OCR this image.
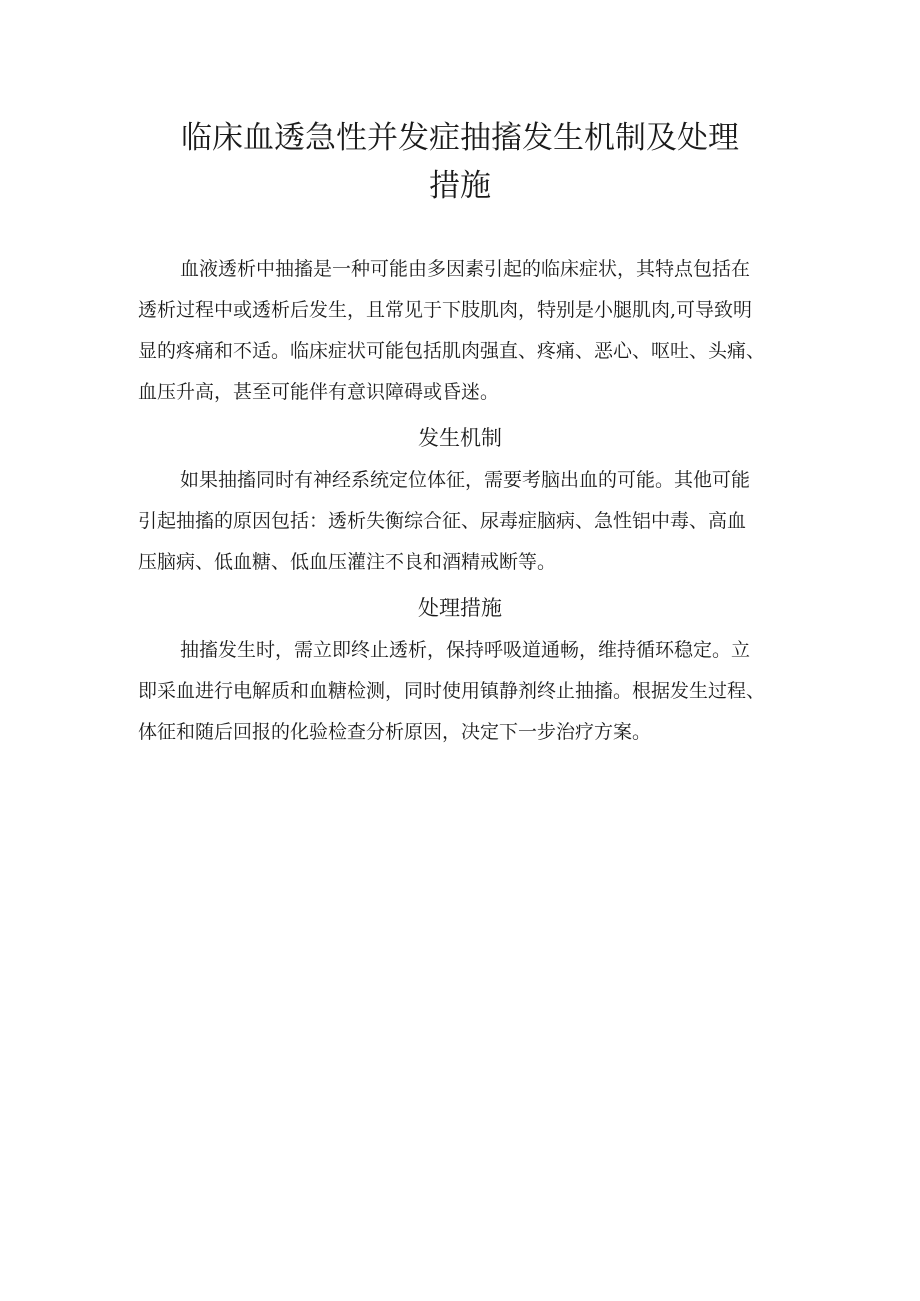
临床血透急性并发症抽搐发生机制及处理
措施

血液透析中抽搐是一种可能由多因素引起的临床症状，其特点包括在
透析过程中或透析后发生，且常见于下肢肌肉，特别是小腿肌肉,可导致明
显的疼痛和不适。临床症状可能包括肌肉强直、疼痛、恶心、呕吐、头痛、
血压升高，甚至可能伴有意识障碍或昏迷。

发生机制

如果抽搐同时有神经系统定位体征，需要考脑出血的可能。其他可能
引起抽搐的原因包括：透析失衡综合征、尿毒症脑病、急性铝中毒、高血
压脑病、低血糖、低血压灌注不良和酒精戒断等。

处理措施

抽搐发生时，需立即终止透析，保持呼吸道通畅，维持循环稳定。立
即采血进行电解质和血糖检测，同时使用镇静剂终止抽搐。根据发生过程、
体征和随后回报的化验检查分析原因，决定下一步治疗方案。
